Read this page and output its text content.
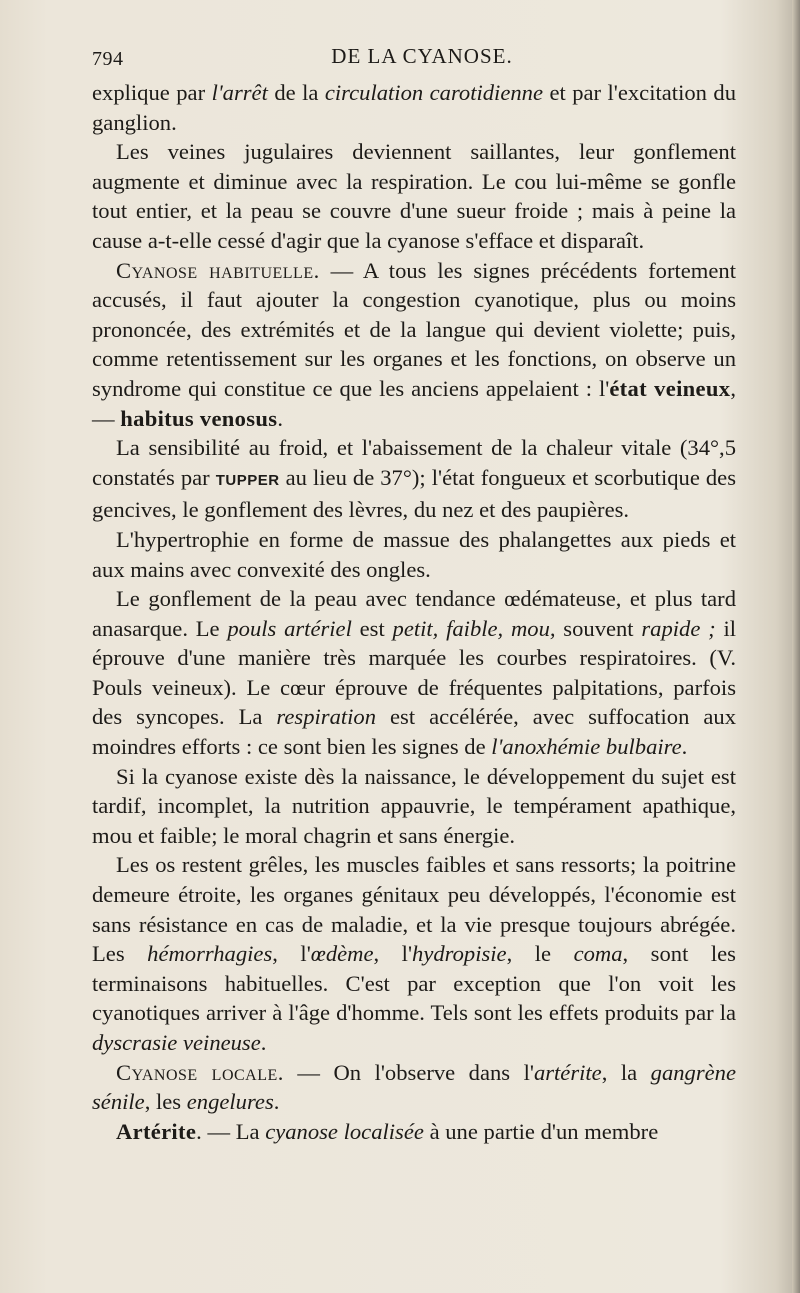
794	DE LA CYANOSE.

explique par l'arrêt de la circulation carotidienne et par l'excitation du ganglion.

Les veines jugulaires deviennent saillantes, leur gonflement augmente et diminue avec la respiration. Le cou lui-même se gonfle tout entier, et la peau se couvre d'une sueur froide ; mais à peine la cause a-t-elle cessé d'agir que la cyanose s'efface et disparaît.

Cyanose habituelle. — A tous les signes précédents fortement accusés, il faut ajouter la congestion cyanotique, plus ou moins prononcée, des extrémités et de la langue qui devient violette; puis, comme retentissement sur les organes et les fonctions, on observe un syndrome qui constitue ce que les anciens appelaient : l'état veineux, — habitus venosus.

La sensibilité au froid, et l'abaissement de la chaleur vitale (34°,5 constatés par TUPPER au lieu de 37°); l'état fongueux et scorbutique des gencives, le gonflement des lèvres, du nez et des paupières.

L'hypertrophie en forme de massue des phalangettes aux pieds et aux mains avec convexité des ongles.

Le gonflement de la peau avec tendance œdémateuse, et plus tard anasarque. Le pouls artériel est petit, faible, mou, souvent rapide ; il éprouve d'une manière très marquée les courbes respiratoires. (V. Pouls veineux). Le cœur éprouve de fréquentes palpitations, parfois des syncopes. La respiration est accélérée, avec suffocation aux moindres efforts : ce sont bien les signes de l'anoxhémie bulbaire.

Si la cyanose existe dès la naissance, le développement du sujet est tardif, incomplet, la nutrition appauvrie, le tempérament apathique, mou et faible; le moral chagrin et sans énergie.

Les os restent grêles, les muscles faibles et sans ressorts; la poitrine demeure étroite, les organes génitaux peu développés, l'économie est sans résistance en cas de maladie, et la vie presque toujours abrégée. Les hémorrhagies, l'œdème, l'hydropisie, le coma, sont les terminaisons habituelles. C'est par exception que l'on voit les cyanotiques arriver à l'âge d'homme. Tels sont les effets produits par la dyscrasie veineuse.

Cyanose locale. — On l'observe dans l'artérite, la gangrène sénile, les engelures.

Artérite. — La cyanose localisée à une partie d'un membre
